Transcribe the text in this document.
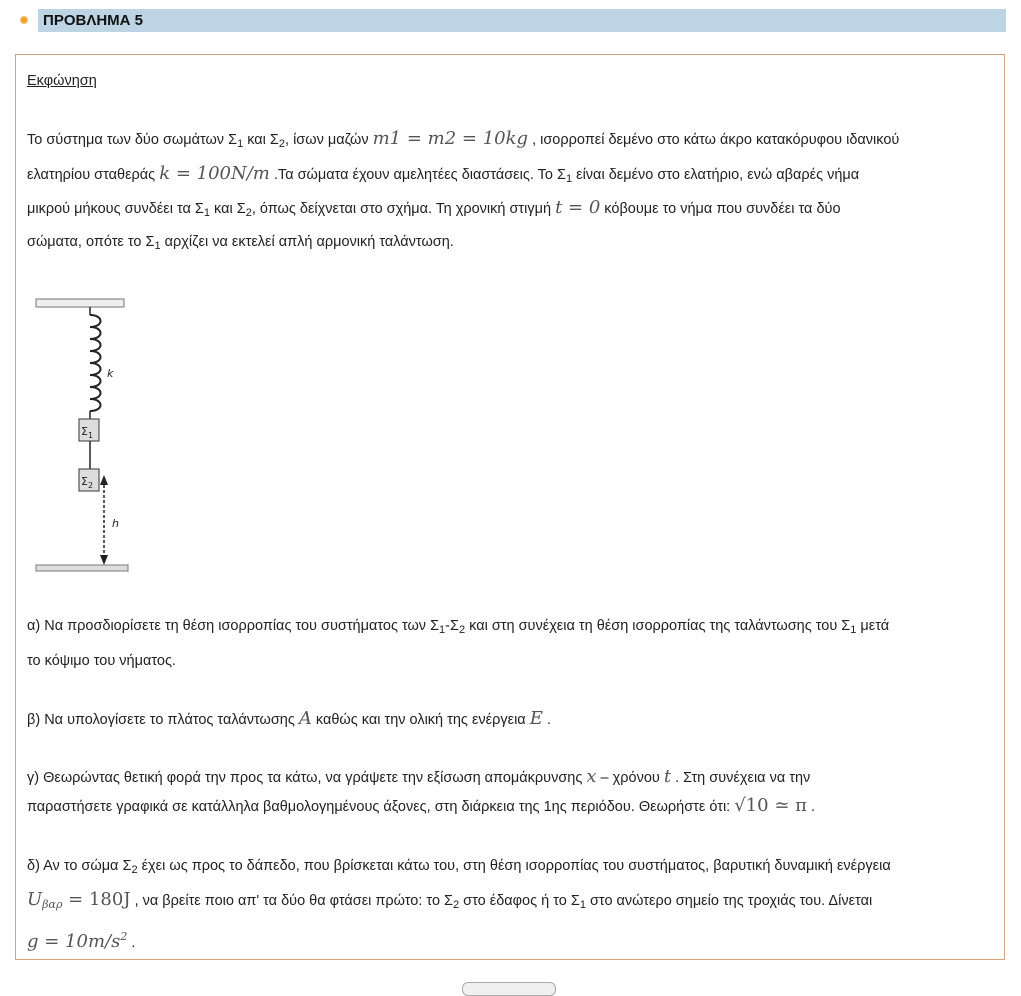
ΠΡΟΒΛΗΜΑ 5
Εκφώνηση
Το σύστημα των δύο σωμάτων $\Sigma_1$ και $\Sigma_2$, ίσων μαζών m1 = m2 = 10kg , ισορροπεί δεμένο στο κάτω άκρο κατακόρυφου ιδανικού
ελατηρίου σταθεράς k = 100N/m .Τα σώματα έχουν αμελητέες διαστάσεις. Το $\Sigma_1$ είναι δεμένο στο ελατήριο, ενώ αβαρές νήμα
μικρού μήκους συνδέει τα $\Sigma_1$ και $\Sigma_2$, όπως δείχνεται στο σχήμα. Τη χρονική στιγμή t = 0 κόβουμε το νήμα που συνδέει τα δύο
σώματα, οπότε το $\Sigma_1$ αρχίζει να εκτελεί απλή αρμονική ταλάντωση.
k
$\Sigma_1$
$\Sigma_2$
h
α) Να προσδιορίσετε τη θέση ισορροπίας του συστήματος των $\Sigma_1-\Sigma_2$ και στη συνέχεια τη θέση ισορροπίας της ταλάντωσης του $\Sigma_1$ μετά
το κόψιμο του νήματος.
β) Να υπολογίσετε το πλάτος ταλάντωσης A καθώς και την ολική της ενέργεια E .
γ) Θεωρώντας θετική φορά την προς τα κάτω, να γράψετε την εξίσωση απομάκρυνσης x – χρόνου t . Στη συνέχεια να την
παραστήσετε γραφικά σε κατάλληλα βαθμολογημένους άξονες, στη διάρκεια της 1ης περιόδου. Θεωρήστε ότι: √10 ≃ π .
δ) Αν το σώμα $\Sigma_2$ έχει ως προς το δάπεδο, που βρίσκεται κάτω του, στη θέση ισορροπίας του συστήματος, βαρυτική δυναμική ενέργεια
$U_{\beta\alpha\rho} = 180J$ , να βρείτε ποιο απ' τα δύο θα φτάσει πρώτο: το $\Sigma_2$ στο έδαφος ή το $\Sigma_1$ στο ανώτερο σημείο της τροχιάς του. Δίνεται
$g = 10m/s^2$ .
